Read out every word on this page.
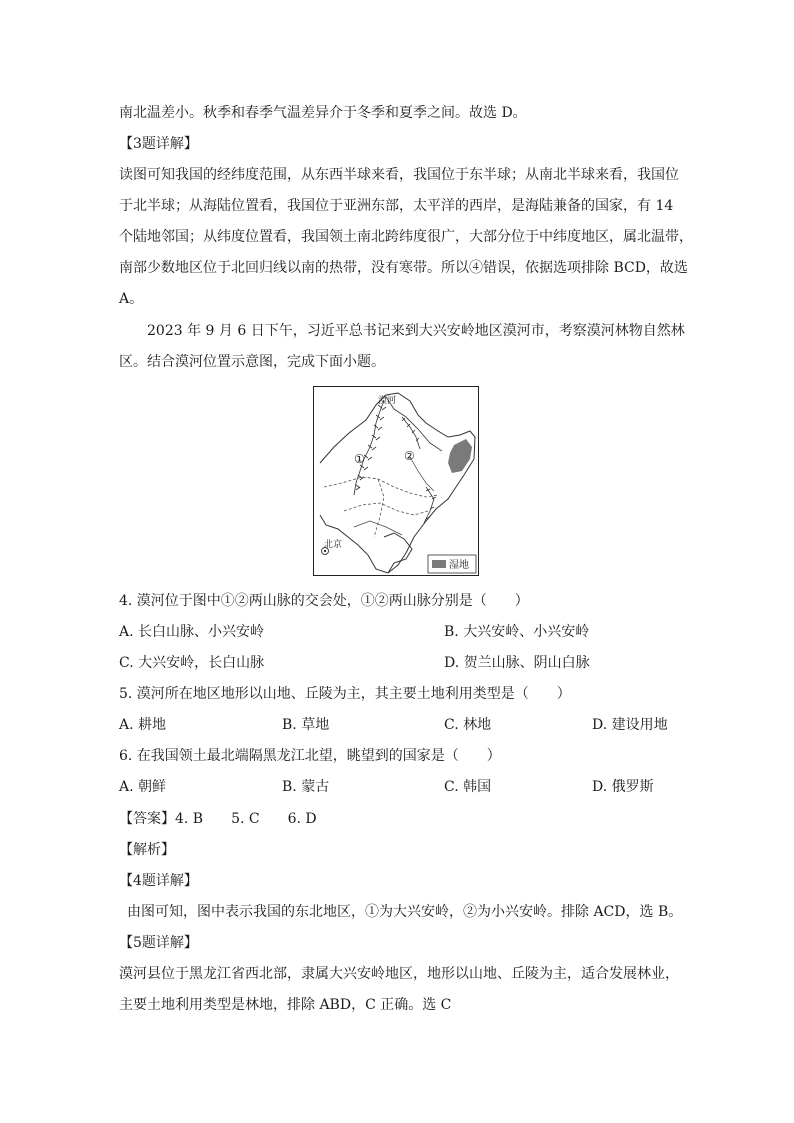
南北温差小。秋季和春季气温差异介于冬季和夏季之间。故选 D。
【3题详解】
读图可知我国的经纬度范围，从东西半球来看，我国位于东半球；从南北半球来看，我国位
于北半球；从海陆位置看，我国位于亚洲东部，太平洋的西岸，是海陆兼备的国家，有 14
个陆地邻国；从纬度位置看，我国领土南北跨纬度很广，大部分位于中纬度地区，属北温带，
南部少数地区位于北回归线以南的热带，没有寒带。所以④错误，依据选项排除 BCD，故选
A。
2023 年 9 月 6 日下午，习近平总书记来到大兴安岭地区漠河市，考察漠河林物自然林
区。结合漠河位置示意图，完成下面小题。
漠河
①	②
北京
湿地
4. 漠河位于图中①②两山脉的交会处，①②两山脉分别是（　　）
A. 长白山脉、小兴安岭	B. 大兴安岭、小兴安岭
C. 大兴安岭，长白山脉	D. 贺兰山脉、阴山白脉
5. 漠河所在地区地形以山地、丘陵为主，其主要土地利用类型是（　　）
A. 耕地	B. 草地	C. 林地	D. 建设用地
6. 在我国领土最北端隔黑龙江北望，眺望到的国家是（　　）
A. 朝鲜	B. 蒙古	C. 韩国	D. 俄罗斯
【答案】4. B　　5. C　　6. D
【解析】
【4题详解】
由图可知，图中表示我国的东北地区，①为大兴安岭，②为小兴安岭。排除 ACD，选 B。
【5题详解】
漠河县位于黑龙江省西北部，隶属大兴安岭地区，地形以山地、丘陵为主，适合发展林业，
主要土地利用类型是林地，排除 ABD，C 正确。选 C
